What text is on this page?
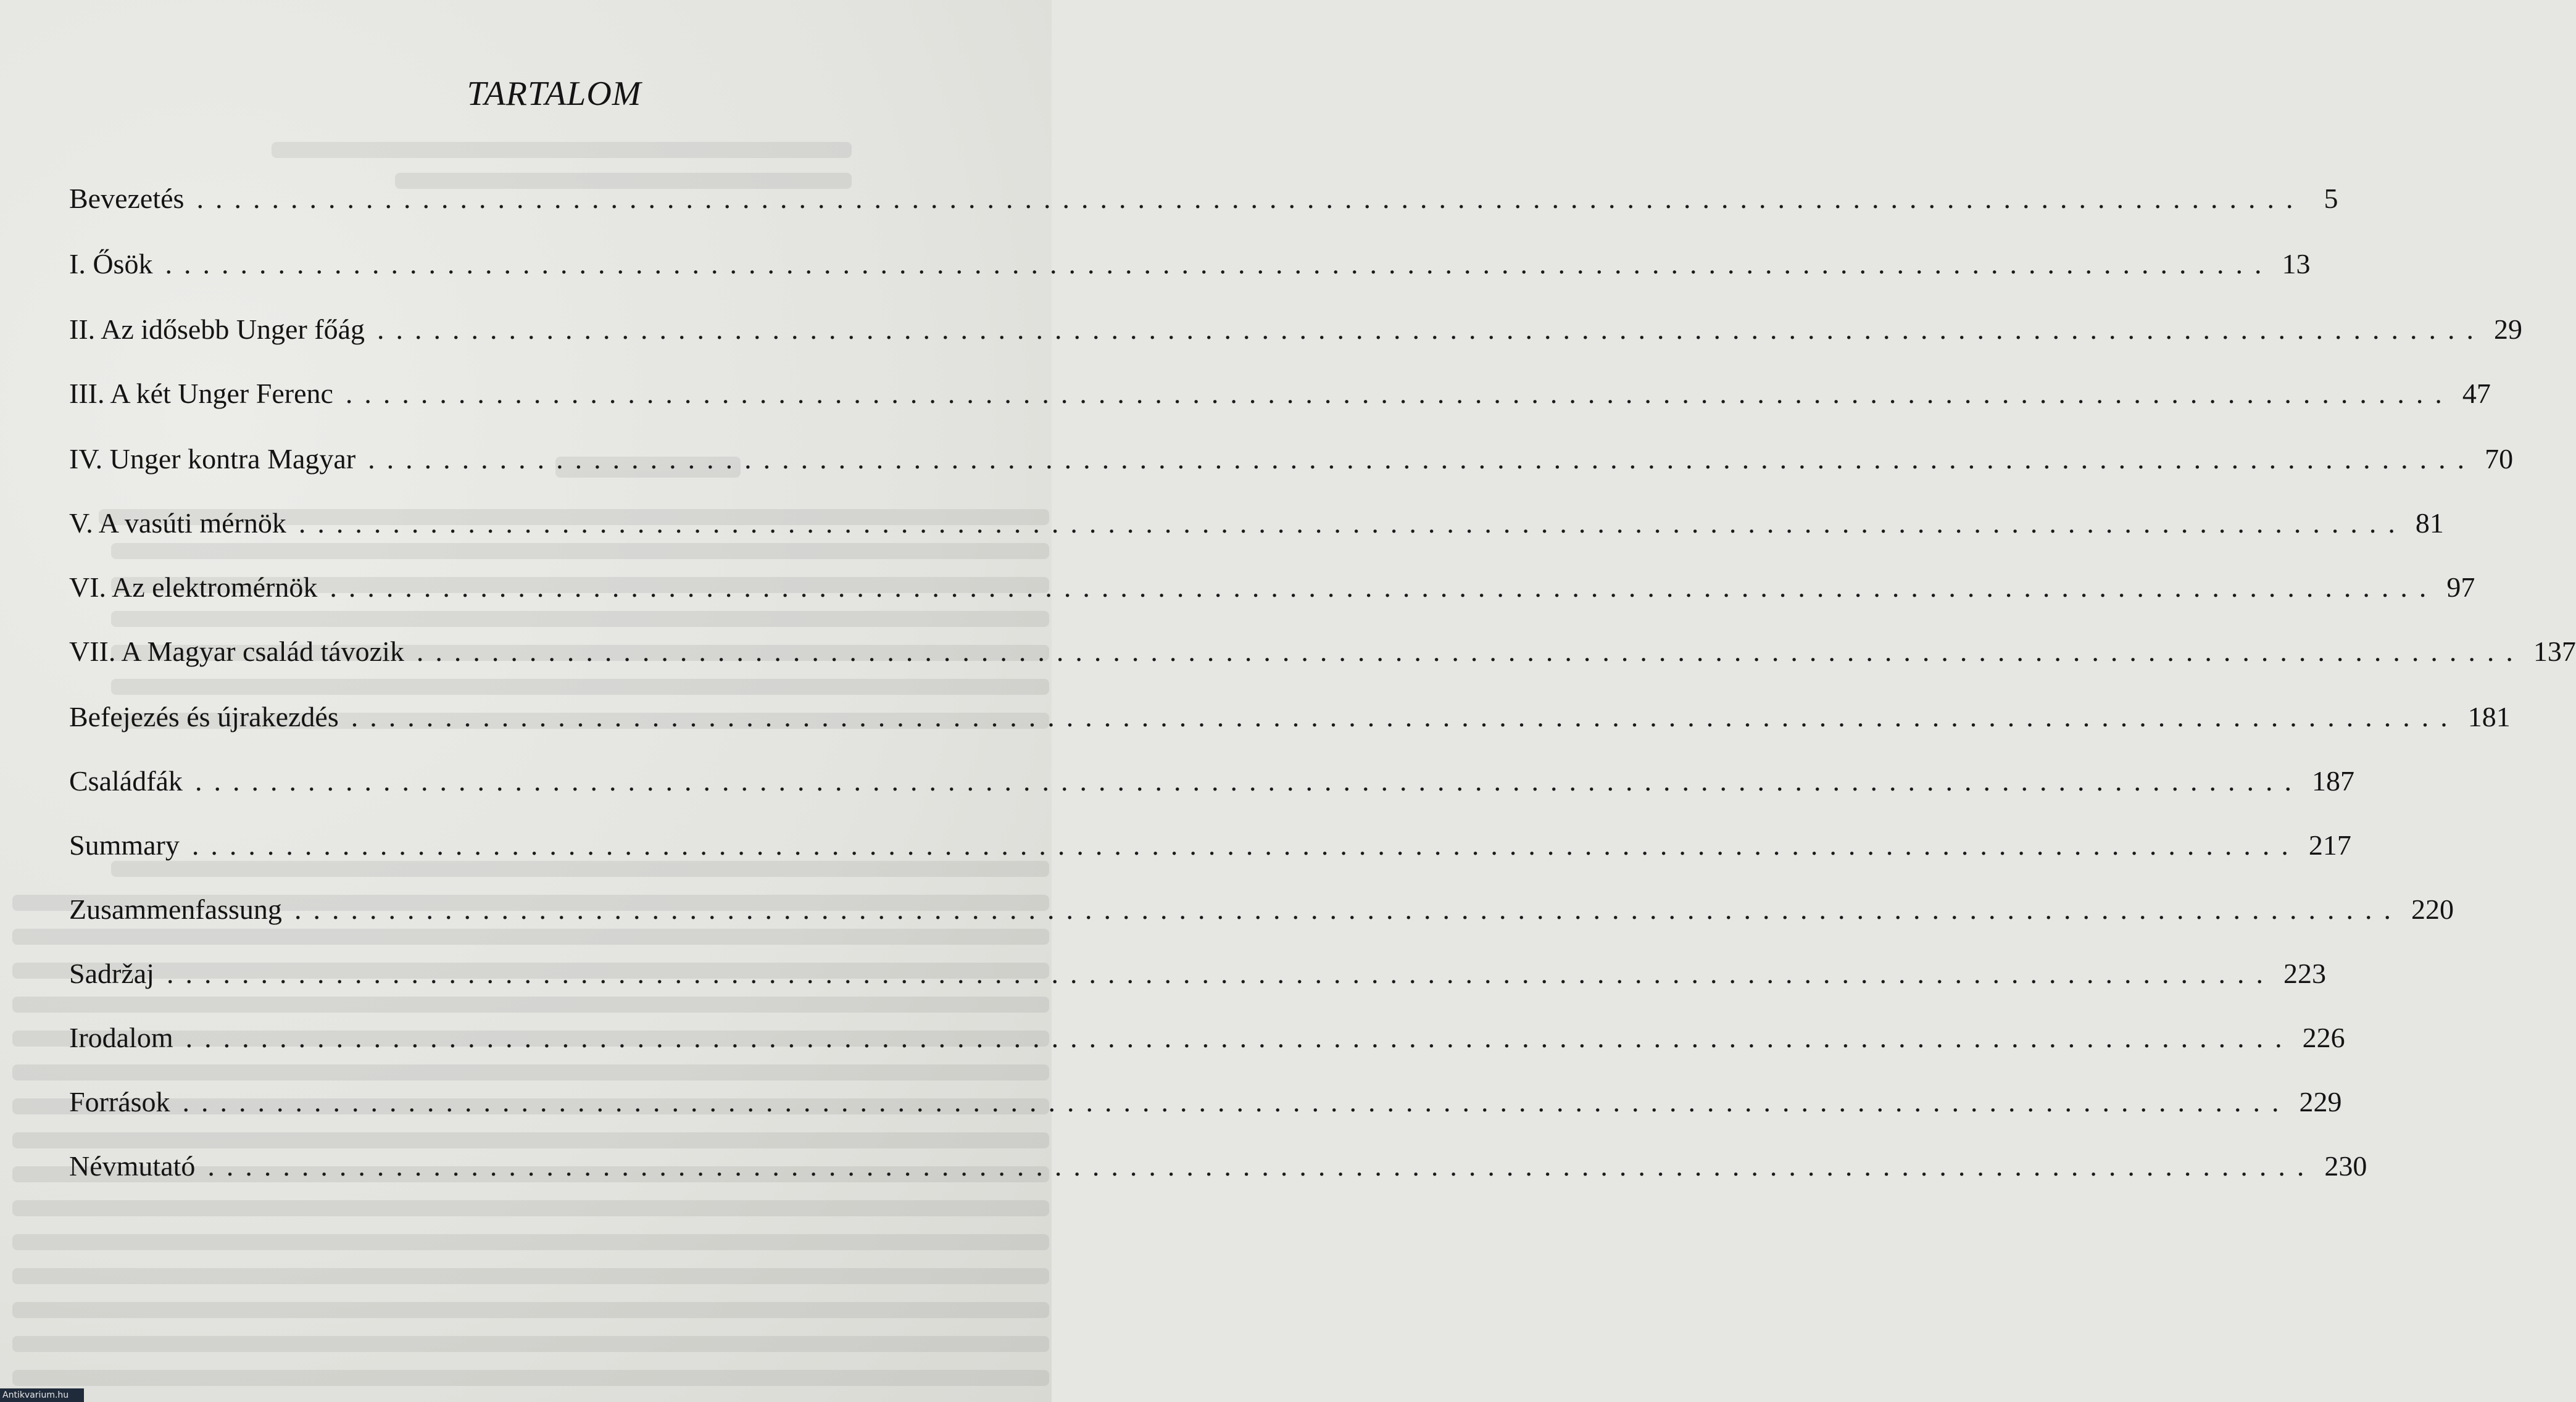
TARTALOM
Bevezetés ................................................................................................................ 5
I. Ősök ................................................................................................................ 13
II. Az idősebb Unger főág ................................................................................................................ 29
III. A két Unger Ferenc ................................................................................................................ 47
IV. Unger kontra Magyar ................................................................................................................ 70
V. A vasúti mérnök ................................................................................................................ 81
VI. Az elektromérnök ................................................................................................................ 97
VII. A Magyar család távozik ................................................................................................................ 137
Befejezés és újrakezdés ................................................................................................................ 181
Családfák ................................................................................................................ 187
Summary ................................................................................................................ 217
Zusammenfassung ................................................................................................................ 220
Sadržaj ................................................................................................................ 223
Irodalom ................................................................................................................ 226
Források ................................................................................................................ 229
Névmutató ................................................................................................................ 230
Antikvarium.hu
